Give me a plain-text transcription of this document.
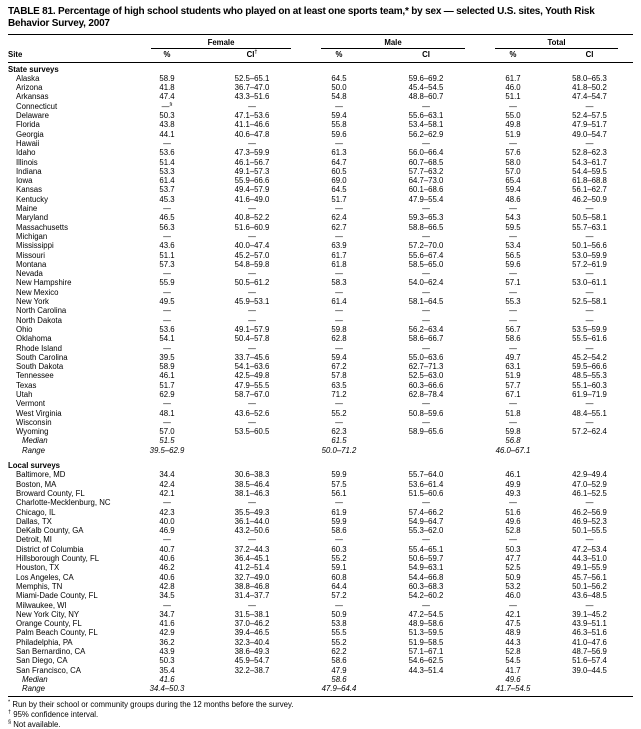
TABLE 81. Percentage of high school students who played on at least one sports team,* by sex — selected U.S. sites, Youth Risk Behavior Survey, 2007

	Female		Male		Total	

Site	%	CI†	%	CI	%	CI
State surveys						
Alaska	58.9	52.5–65.1	64.5	59.6–69.2	61.7	58.0–65.3
Arizona	41.8	36.7–47.0	50.0	45.4–54.5	46.0	41.8–50.2
Arkansas	47.4	43.3–51.6	54.8	48.8–60.7	51.1	47.4–54.7
Connecticut	—§	—	—	—	—	—
Delaware	50.3	47.1–53.6	59.4	55.6–63.1	55.0	52.4–57.5
Florida	43.8	41.1–46.6	55.8	53.4–58.1	49.8	47.9–51.7
Georgia	44.1	40.6–47.8	59.6	56.2–62.9	51.9	49.0–54.7
Hawaii	—	—	—	—	—	—
Idaho	53.6	47.3–59.9	61.3	56.0–66.4	57.6	52.8–62.3
Illinois	51.4	46.1–56.7	64.7	60.7–68.5	58.0	54.3–61.7
Indiana	53.3	49.1–57.3	60.5	57.7–63.2	57.0	54.4–59.5
Iowa	61.4	55.9–66.6	69.0	64.7–73.0	65.4	61.8–68.8
Kansas	53.7	49.4–57.9	64.5	60.1–68.6	59.4	56.1–62.7
Kentucky	45.3	41.6–49.0	51.7	47.9–55.4	48.6	46.2–50.9
Maine	—	—	—	—	—	—
Maryland	46.5	40.8–52.2	62.4	59.3–65.3	54.3	50.5–58.1
Massachusetts	56.3	51.6–60.9	62.7	58.8–66.5	59.5	55.7–63.1
Michigan	—	—	—	—	—	—
Mississippi	43.6	40.0–47.4	63.9	57.2–70.0	53.4	50.1–56.6
Missouri	51.1	45.2–57.0	61.7	55.6–67.4	56.5	53.0–59.9
Montana	57.3	54.8–59.8	61.8	58.5–65.0	59.6	57.2–61.9
Nevada	—	—	—	—	—	—
New Hampshire	55.9	50.5–61.2	58.3	54.0–62.4	57.1	53.0–61.1
New Mexico	—	—	—	—	—	—
New York	49.5	45.9–53.1	61.4	58.1–64.5	55.3	52.5–58.1
North Carolina	—	—	—	—	—	—
North Dakota	—	—	—	—	—	—
Ohio	53.6	49.1–57.9	59.8	56.2–63.4	56.7	53.5–59.9
Oklahoma	54.1	50.4–57.8	62.8	58.6–66.7	58.6	55.5–61.6
Rhode Island	—	—	—	—	—	—
South Carolina	39.5	33.7–45.6	59.4	55.0–63.6	49.7	45.2–54.2
South Dakota	58.9	54.1–63.6	67.2	62.7–71.3	63.1	59.5–66.6
Tennessee	46.1	42.5–49.8	57.8	52.5–63.0	51.9	48.5–55.3
Texas	51.7	47.9–55.5	63.5	60.3–66.6	57.7	55.1–60.3
Utah	62.9	58.7–67.0	71.2	62.8–78.4	67.1	61.9–71.9
Vermont	—	—	—	—	—	—
West Virginia	48.1	43.6–52.6	55.2	50.8–59.6	51.8	48.4–55.1
Wisconsin	—	—	—	—	—	—
Wyoming	57.0	53.5–60.5	62.3	58.9–65.6	59.8	57.2–62.4
Median	51.5		61.5		56.8	
Range	39.5–62.9		50.0–71.2		46.0–67.1	
Local surveys						
Baltimore, MD	34.4	30.6–38.3	59.9	55.7–64.0	46.1	42.9–49.4
Boston, MA	42.4	38.5–46.4	57.5	53.6–61.4	49.9	47.0–52.9
Broward County, FL	42.1	38.1–46.3	56.1	51.5–60.6	49.3	46.1–52.5
Charlotte-Mecklenburg, NC	—	—	—	—	—	—
Chicago, IL	42.3	35.5–49.3	61.9	57.4–66.2	51.6	46.2–56.9
Dallas, TX	40.0	36.1–44.0	59.9	54.9–64.7	49.6	46.9–52.3
DeKalb County, GA	46.9	43.2–50.6	58.6	55.3–62.0	52.8	50.1–55.5
Detroit, MI	—	—	—	—	—	—
District of Columbia	40.7	37.2–44.3	60.3	55.4–65.1	50.3	47.2–53.4
Hillsborough County, FL	40.6	36.4–45.1	55.2	50.6–59.7	47.7	44.3–51.0
Houston, TX	46.2	41.2–51.4	59.1	54.9–63.1	52.5	49.1–55.9
Los Angeles, CA	40.6	32.7–49.0	60.8	54.4–66.8	50.9	45.7–56.1
Memphis, TN	42.8	38.8–46.8	64.4	60.3–68.3	53.2	50.1–56.2
Miami-Dade County, FL	34.5	31.4–37.7	57.2	54.2–60.2	46.0	43.6–48.5
Milwaukee, WI	—	—	—	—	—	—
New York City, NY	34.7	31.5–38.1	50.9	47.2–54.5	42.1	39.1–45.2
Orange County, FL	41.6	37.0–46.2	53.8	48.9–58.6	47.5	43.9–51.1
Palm Beach County, FL	42.9	39.4–46.5	55.5	51.3–59.5	48.9	46.3–51.6
Philadelphia, PA	36.2	32.3–40.4	55.2	51.9–58.5	44.3	41.0–47.6
San Bernardino, CA	43.9	38.6–49.3	62.2	57.1–67.1	52.8	48.7–56.9
San Diego, CA	50.3	45.9–54.7	58.6	54.6–62.5	54.5	51.6–57.4
San Francisco, CA	35.4	32.2–38.7	47.9	44.3–51.4	41.7	39.0–44.5
Median	41.6		58.6		49.6	
Range	34.4–50.3		47.9–64.4		41.7–54.5	
* Run by their school or community groups during the 12 months before the survey.
† 95% confidence interval.
§ Not available.
